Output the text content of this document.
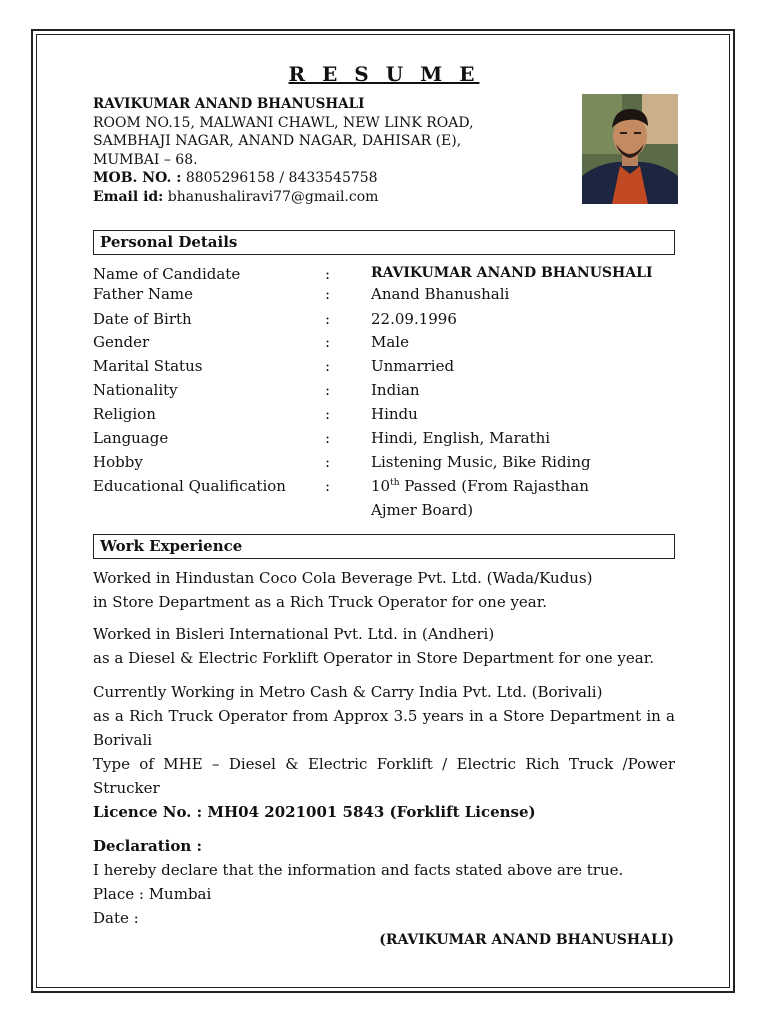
R E S U M E
RAVIKUMAR ANAND BHANUSHALI
ROOM NO.15, MALWANI CHAWL, NEW LINK ROAD,
SAMBHAJI NAGAR, ANAND NAGAR, DAHISAR (E),
MUMBAI – 68.
MOB. NO. : 8805296158 / 8433545758
Email id: bhanushaliravi77@gmail.com
Personal Details
Name of Candidate	:	RAVIKUMAR ANAND BHANUSHALI
Father Name	:	Anand Bhanushali
Date of Birth	:	22.09.1996
Gender	:	Male
Marital Status	:	Unmarried
Nationality	:	Indian
Religion	:	Hindu
Language	:	Hindi, English, Marathi
Hobby	:	Listening Music, Bike Riding
Educational Qualification	:	10th Passed (From Rajasthan
Ajmer Board)
Work Experience
Worked in Hindustan Coco Cola Beverage Pvt. Ltd. (Wada/Kudus)
in Store Department as a Rich Truck Operator for one year.
Worked in Bisleri International Pvt. Ltd. in (Andheri)
as a Diesel & Electric Forklift Operator in Store Department for one year.
Currently Working in Metro Cash & Carry India Pvt. Ltd. (Borivali)
as a Rich Truck Operator from Approx 3.5 years in a Store Department in a
Borivali
Type of MHE – Diesel & Electric Forklift / Electric Rich Truck /Power
Strucker
Licence No. : MH04 2021001 5843 (Forklift License)
Declaration :
I hereby declare that the information and facts stated above are true.
Place : Mumbai
Date :
(RAVIKUMAR ANAND BHANUSHALI)
